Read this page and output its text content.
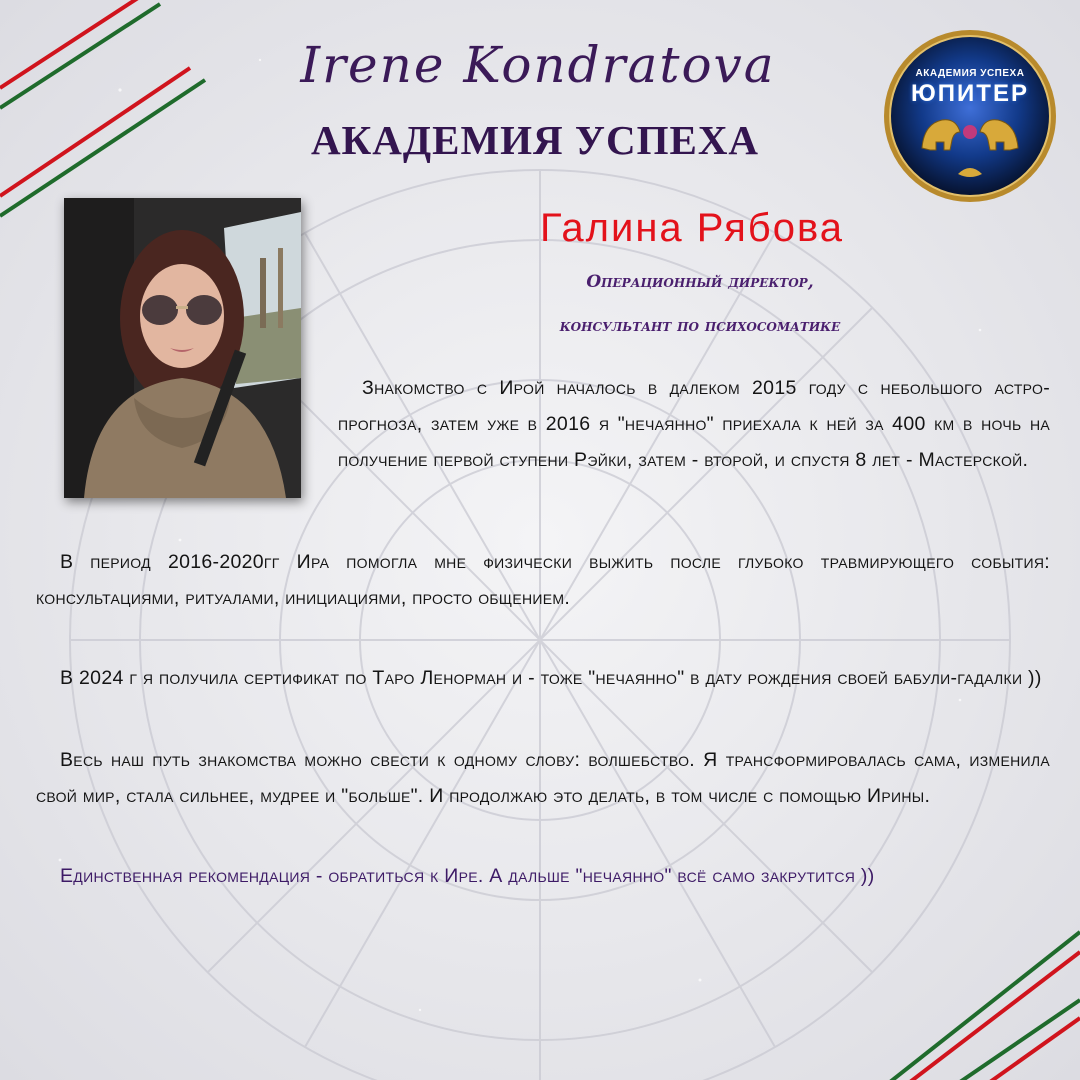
Irene Kondratova
АКАДЕМИЯ УСПЕХА
АКАДЕМИЯ УСПЕХА
ЮПИТЕР
Галина Рябова
Операционный директор,
консультант по психосоматике
Знакомство с Ирой началось в далеком 2015 году с небольшого астро-прогноза, затем уже в 2016 я "нечаянно" приехала к ней за 400 км в ночь на получение первой ступени Рэйки, затем - второй, и спустя 8 лет - Мастерской.
В период 2016-2020гг Ира помогла мне физически выжить после глубоко травмирующего события: консультациями, ритуалами, инициациями, просто общением.
В 2024 г я получила сертификат по Таро Ленорман и - тоже "нечаянно" в дату рождения своей бабули-гадалки ))
Весь наш путь знакомства можно свести к одному слову: волшебство. Я трансформировалась сама, изменила свой мир, стала сильнее, мудрее и "больше". И продолжаю это делать, в том числе с помощью Ирины.
Единственная рекомендация - обратиться к Ире. А дальше "нечаянно" всё само закрутится ))
